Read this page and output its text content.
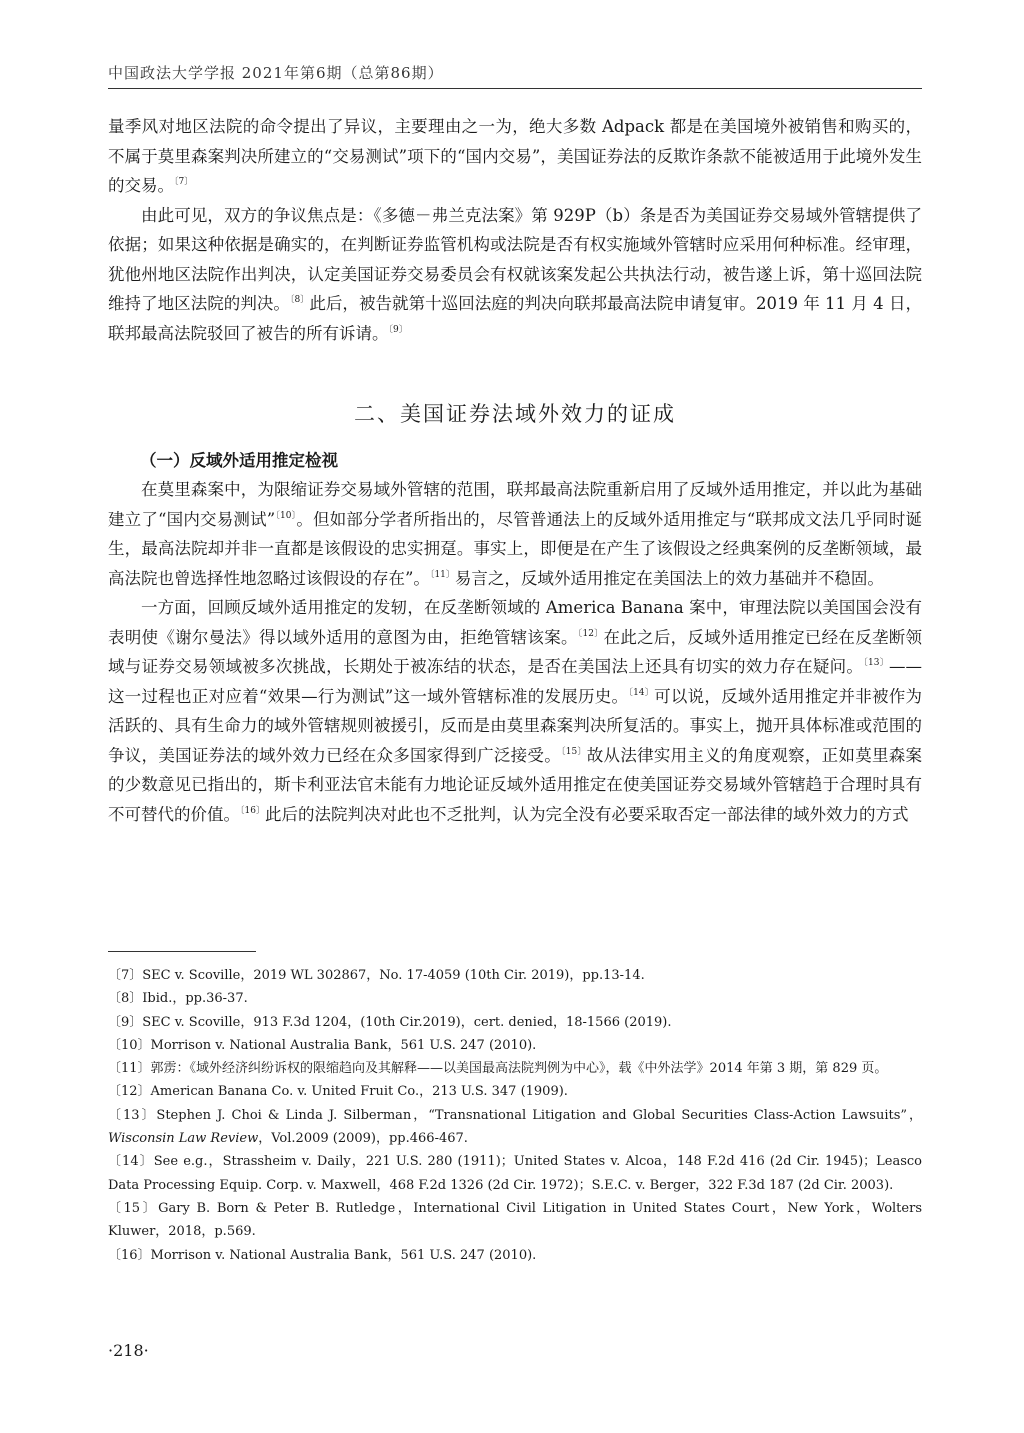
中国政法大学学报 2021年第6期（总第86期）

量季风对地区法院的命令提出了异议，主要理由之一为，绝大多数 Adpack 都是在美国境外被销售和购买的，不属于莫里森案判决所建立的“交易测试”项下的“国内交易”，美国证券法的反欺诈条款不能被适用于此境外发生的交易。$^{〔7〕}$

由此可见，双方的争议焦点是：《多德－弗兰克法案》第 929P（b）条是否为美国证券交易域外管辖提供了依据；如果这种依据是确实的，在判断证券监管机构或法院是否有权实施域外管辖时应采用何种标准。经审理，犹他州地区法院作出判决，认定美国证券交易委员会有权就该案发起公共执法行动，被告遂上诉，第十巡回法院维持了地区法院的判决。$^{〔8〕}$此后，被告就第十巡回法庭的判决向联邦最高法院申请复审。2019 年 11 月 4 日，联邦最高法院驳回了被告的所有诉请。$^{〔9〕}$

二、美国证券法域外效力的证成
（一）反域外适用推定检视

在莫里森案中，为限缩证券交易域外管辖的范围，联邦最高法院重新启用了反域外适用推定，并以此为基础建立了“国内交易测试”$^{〔10〕}$。但如部分学者所指出的，尽管普通法上的反域外适用推定与“联邦成文法几乎同时诞生，最高法院却并非一直都是该假设的忠实拥趸。事实上，即便是在产生了该假设之经典案例的反垄断领域，最高法院也曾选择性地忽略过该假设的存在”。$^{〔11〕}$易言之，反域外适用推定在美国法上的效力基础并不稳固。

一方面，回顾反域外适用推定的发轫，在反垄断领域的 America Banana 案中，审理法院以美国国会没有表明使《谢尔曼法》得以域外适用的意图为由，拒绝管辖该案。$^{〔12〕}$在此之后，反域外适用推定已经在反垄断领域与证券交易领域被多次挑战，长期处于被冻结的状态，是否在美国法上还具有切实的效力存在疑问。$^{〔13〕}$——这一过程也正对应着“效果—行为测试”这一域外管辖标准的发展历史。$^{〔14〕}$可以说，反域外适用推定并非被作为活跃的、具有生命力的域外管辖规则被援引，反而是由莫里森案判决所复活的。事实上，抛开具体标准或范围的争议，美国证券法的域外效力已经在众多国家得到广泛接受。$^{〔15〕}$故从法律实用主义的角度观察，正如莫里森案的少数意见已指出的，斯卡利亚法官未能有力地论证反域外适用推定在使美国证券交易域外管辖趋于合理时具有不可替代的价值。$^{〔16〕}$此后的法院判决对此也不乏批判，认为完全没有必要采取否定一部法律的域外效力的方式

〔7〕SEC v. Scoville，2019 WL 302867，No. 17-4059 (10th Cir. 2019)，pp.13-14.

〔8〕Ibid.，pp.36-37.

〔9〕SEC v. Scoville，913 F.3d 1204，(10th Cir.2019)，cert. denied，18-1566 (2019).

〔10〕Morrison v. National Australia Bank，561 U.S. 247 (2010).

〔11〕郭雳：《域外经济纠纷诉权的限缩趋向及其解释——以美国最高法院判例为中心》，载《中外法学》2014 年第 3 期，第 829 页。

〔12〕American Banana Co. v. United Fruit Co.，213 U.S. 347 (1909).

〔13〕Stephen J. Choi & Linda J. Silberman，“Transnational Litigation and Global Securities Class-Action Lawsuits”，Wisconsin Law Review，Vol.2009 (2009)，pp.466-467.

〔14〕See e.g.，Strassheim v. Daily，221 U.S. 280 (1911)；United States v. Alcoa，148 F.2d 416 (2d Cir. 1945)；Leasco Data Processing Equip. Corp. v. Maxwell，468 F.2d 1326 (2d Cir. 1972)；S.E.C. v. Berger，322 F.3d 187 (2d Cir. 2003).

〔15〕Gary B. Born & Peter B. Rutledge，International Civil Litigation in United States Court，New York，Wolters Kluwer，2018，p.569.

〔16〕Morrison v. National Australia Bank，561 U.S. 247 (2010).

·218·
